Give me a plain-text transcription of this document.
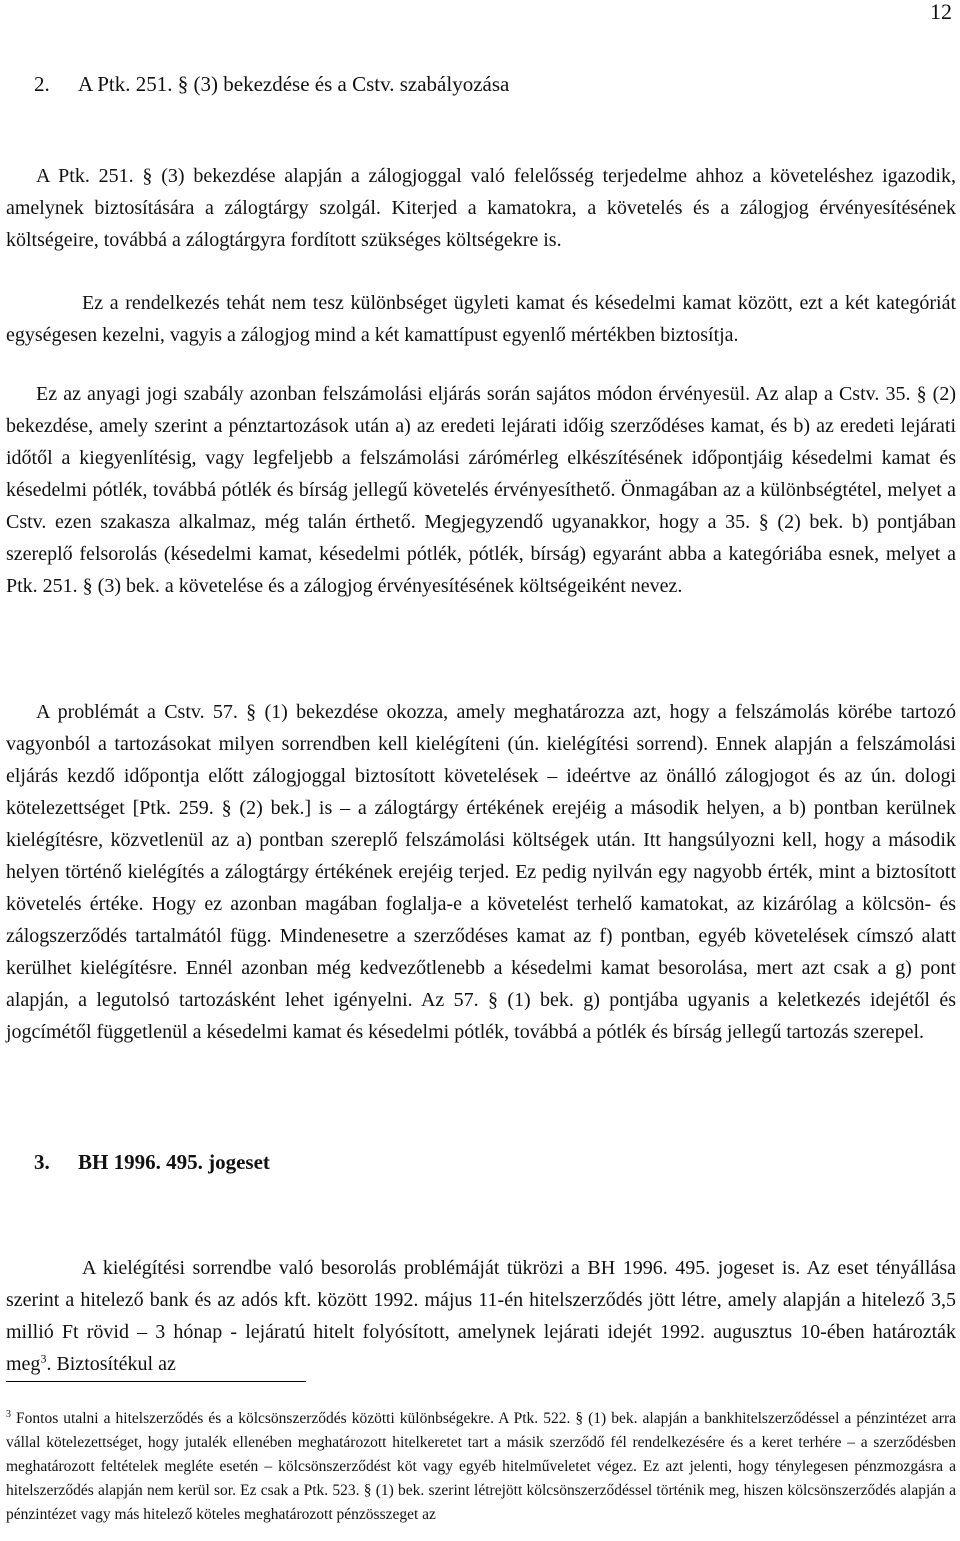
12
2. A Ptk. 251. § (3) bekezdése és a Cstv. szabályozása

A Ptk. 251. § (3) bekezdése alapján a zálogjoggal való felelősség terjedelme ahhoz a követeléshez igazodik, amelynek biztosítására a zálogtárgy szolgál. Kiterjed a kamatokra, a követelés és a zálogjog érvényesítésének költségeire, továbbá a zálogtárgyra fordított szükséges költségekre is.

Ez a rendelkezés tehát nem tesz különbséget ügyleti kamat és késedelmi kamat között, ezt a két kategóriát egységesen kezelni, vagyis a zálogjog mind a két kamattípust egyenlő mértékben biztosítja.

Ez az anyagi jogi szabály azonban felszámolási eljárás során sajátos módon érvényesül. Az alap a Cstv. 35. § (2) bekezdése, amely szerint a pénztartozások után a) az eredeti lejárati időig szerződéses kamat, és b) az eredeti lejárati időtől a kiegyenlítésig, vagy legfeljebb a felszámolási zárómérleg elkészítésének időpontjáig késedelmi kamat és késedelmi pótlék, továbbá pótlék és bírság jellegű követelés érvényesíthető. Önmagában az a különbségtétel, melyet a Cstv. ezen szakasza alkalmaz, még talán érthető. Megjegyzendő ugyanakkor, hogy a 35. § (2) bek. b) pontjában szereplő felsorolás (késedelmi kamat, késedelmi pótlék, pótlék, bírság) egyaránt abba a kategóriába esnek, melyet a Ptk. 251. § (3) bek. a követelése és a zálogjog érvényesítésének költségeiként nevez.

A problémát a Cstv. 57. § (1) bekezdése okozza, amely meghatározza azt, hogy a felszámolás körébe tartozó vagyonból a tartozásokat milyen sorrendben kell kielégíteni (ún. kielégítési sorrend). Ennek alapján a felszámolási eljárás kezdő időpontja előtt zálogjoggal biztosított követelések – ideértve az önálló zálogjogot és az ún. dologi kötelezettséget [Ptk. 259. § (2) bek.] is – a zálogtárgy értékének erejéig a második helyen, a b) pontban kerülnek kielégítésre, közvetlenül az a) pontban szereplő felszámolási költségek után. Itt hangsúlyozni kell, hogy a második helyen történő kielégítés a zálogtárgy értékének erejéig terjed. Ez pedig nyilván egy nagyobb érték, mint a biztosított követelés értéke. Hogy ez azonban magában foglalja-e a követelést terhelő kamatokat, az kizárólag a kölcsön- és zálogszerződés tartalmától függ. Mindenesetre a szerződéses kamat az f) pontban, egyéb követelések címszó alatt kerülhet kielégítésre. Ennél azonban még kedvezőtlenebb a késedelmi kamat besorolása, mert azt csak a g) pont alapján, a legutolsó tartozásként lehet igényelni. Az 57. § (1) bek. g) pontjába ugyanis a keletkezés idejétől és jogcímétől függetlenül a késedelmi kamat és késedelmi pótlék, továbbá a pótlék és bírság jellegű tartozás szerepel.

3. BH 1996. 495. jogeset

A kielégítési sorrendbe való besorolás problémáját tükrözi a BH 1996. 495. jogeset is. Az eset tényállása szerint a hitelező bank és az adós kft. között 1992. május 11-én hitelszerződés jött létre, amely alapján a hitelező 3,5 millió Ft rövid – 3 hónap - lejáratú hitelt folyósított, amelynek lejárati idejét 1992. augusztus 10-ében határozták meg$^3$. Biztosítékul az

$^3$ Fontos utalni a hitelszerződés és a kölcsönszerződés közötti különbségekre. A Ptk. 522. § (1) bek. alapján a bankhitelszerződéssel a pénzintézet arra vállal kötelezettséget, hogy jutalék ellenében meghatározott hitelkeretet tart a másik szerződő fél rendelkezésére és a keret terhére – a szerződésben meghatározott feltételek megléte esetén – kölcsönszerződést köt vagy egyéb hitelműveletet végez. Ez azt jelenti, hogy ténylegesen pénzmozgásra a hitelszerződés alapján nem kerül sor. Ez csak a Ptk. 523. § (1) bek. szerint létrejött kölcsönszerződéssel történik meg, hiszen kölcsönszerződés alapján a pénzintézet vagy más hitelező köteles meghatározott pénzösszeget az
